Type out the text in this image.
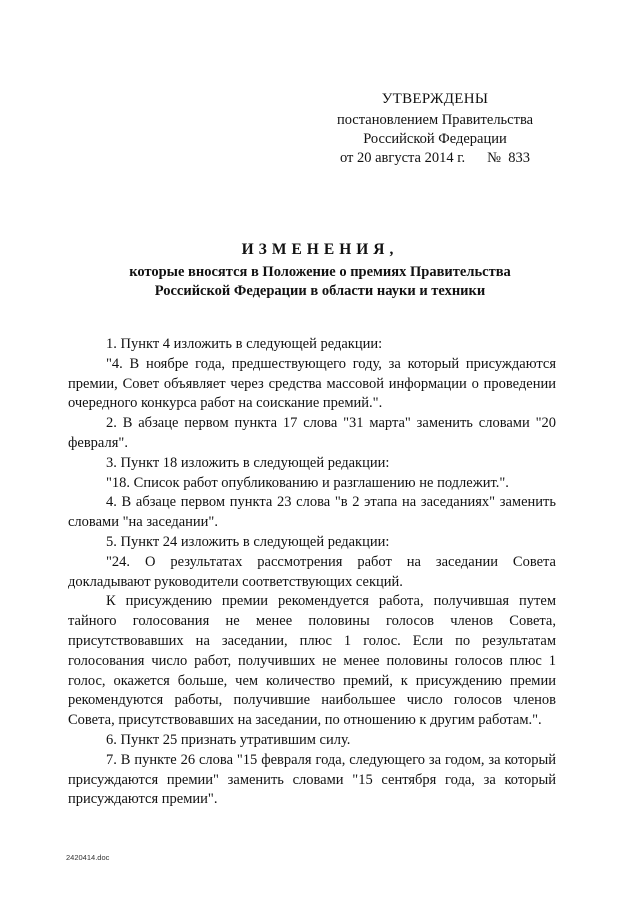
УТВЕРЖДЕНЫ
постановлением Правительства
Российской Федерации
от 20 августа 2014 г. № 833
ИЗМЕНЕНИЯ,
которые вносятся в Положение о премиях Правительства
Российской Федерации в области науки и техники

1. Пункт 4 изложить в следующей редакции:

"4. В ноябре года, предшествующего году, за который присуждаются премии, Совет объявляет через средства массовой информации о проведении очередного конкурса работ на соискание премий.".

2. В абзаце первом пункта 17 слова "31 марта" заменить словами "20 февраля".

3. Пункт 18 изложить в следующей редакции:

"18. Список работ опубликованию и разглашению не подлежит.".

4. В абзаце первом пункта 23 слова "в 2 этапа на заседаниях" заменить словами "на заседании".

5. Пункт 24 изложить в следующей редакции:

"24. О результатах рассмотрения работ на заседании Совета докладывают руководители соответствующих секций.

К присуждению премии рекомендуется работа, получившая путем тайного голосования не менее половины голосов членов Совета, присутствовавших на заседании, плюс 1 голос. Если по результатам голосования число работ, получивших не менее половины голосов плюс 1 голос, окажется больше, чем количество премий, к присуждению премии рекомендуются работы, получившие наибольшее число голосов членов Совета, присутствовавших на заседании, по отношению к другим работам.".

6. Пункт 25 признать утратившим силу.

7. В пункте 26 слова "15 февраля года, следующего за годом, за который присуждаются премии" заменить словами "15 сентября года, за который присуждаются премии".

2420414.doc
